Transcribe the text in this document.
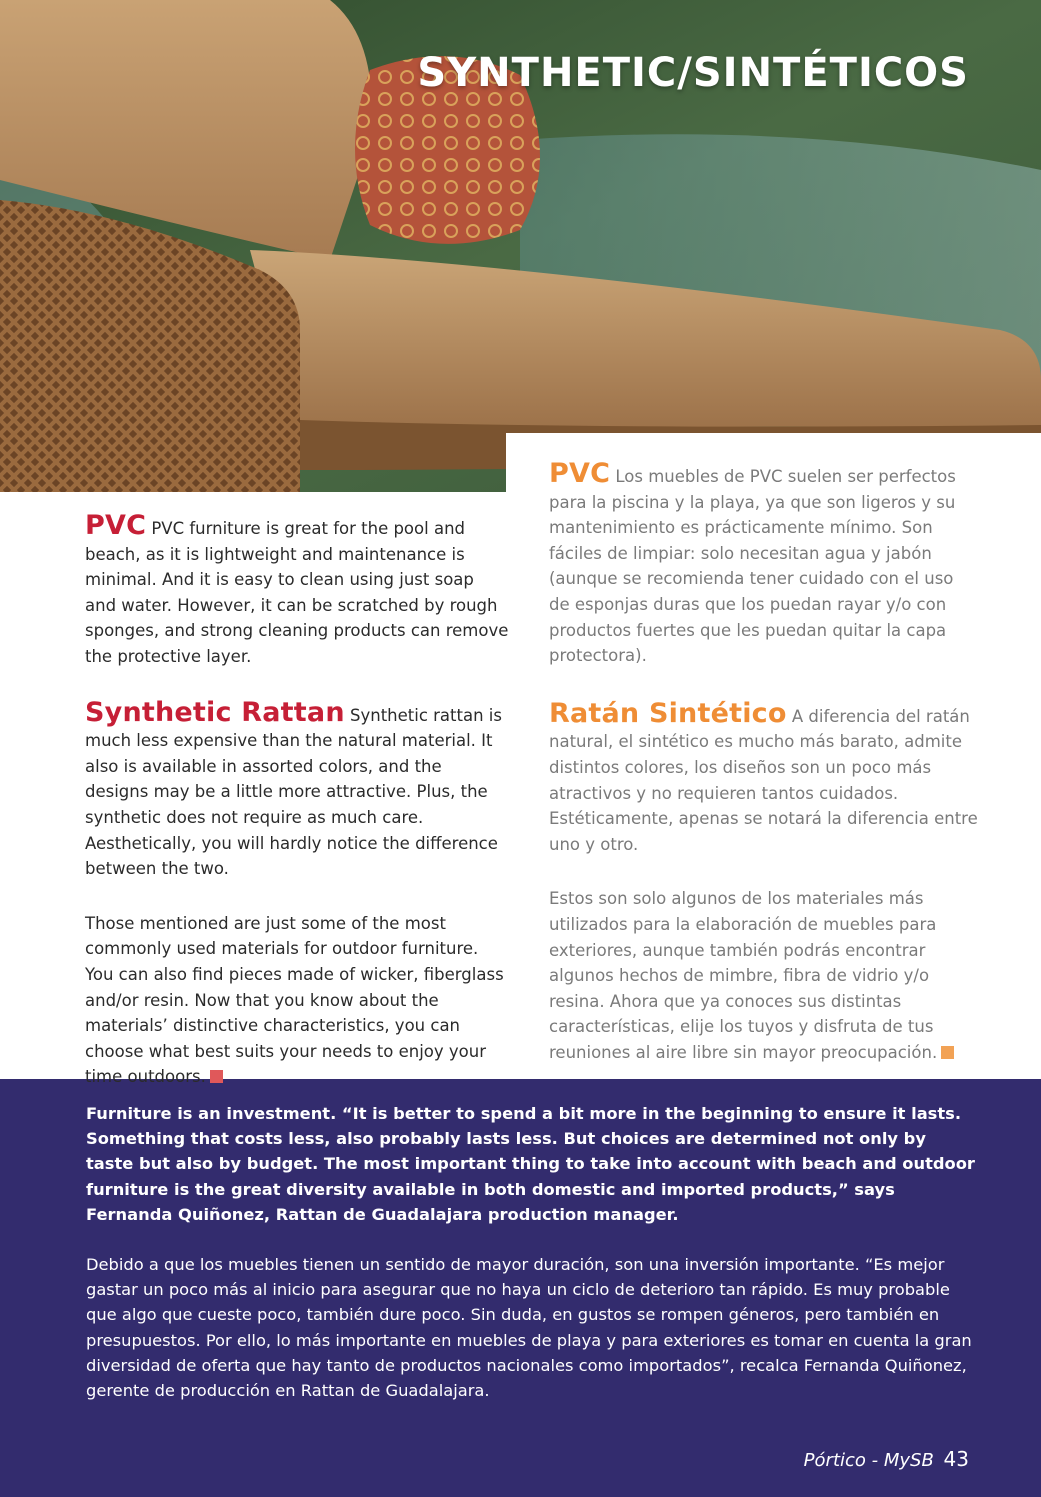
SYNTHETIC/SINTÉTICOS

PVC PVC furniture is great for the pool and beach, as it is lightweight and maintenance is minimal. And it is easy to clean using just soap and water. However, it can be scratched by rough sponges, and strong cleaning products can remove the protective layer.

Synthetic Rattan Synthetic rattan is much less expensive than the natural material. It also is available in assorted colors, and the designs may be a little more attractive. Plus, the synthetic does not require as much care. Aesthetically, you will hardly notice the difference between the two.

Those mentioned are just some of the most commonly used materials for outdoor furniture. You can also find pieces made of wicker, fiberglass and/or resin. Now that you know about the materials’ distinctive characteristics, you can choose what best suits your needs to enjoy your time outdoors.

PVC Los muebles de PVC suelen ser perfectos para la piscina y la playa, ya que son ligeros y su mantenimiento es prácticamente mínimo. Son fáciles de limpiar: solo necesitan agua y jabón (aunque se recomienda tener cuidado con el uso de esponjas duras que los puedan rayar y/o con productos fuertes que les puedan quitar la capa protectora).

Ratán Sintético A diferencia del ratán natural, el sintético es mucho más barato, admite distintos colores, los diseños son un poco más atractivos y no requieren tantos cuidados. Estéticamente, apenas se notará la diferencia entre uno y otro.

Estos son solo algunos de los materiales más utilizados para la elaboración de muebles para exteriores, aunque también podrás encontrar algunos hechos de mimbre, fibra de vidrio y/o resina. Ahora que ya conoces sus distintas características, elije los tuyos y disfruta de tus reuniones al aire libre sin mayor preocupación.

Furniture is an investment. “It is better to spend a bit more in the beginning to ensure it lasts. Something that costs less, also probably lasts less. But choices are determined not only by taste but also by budget. The most important thing to take into account with beach and outdoor furniture is the great diversity available in both domestic and imported products,” says Fernanda Quiñonez, Rattan de Guadalajara production manager.

Debido a que los muebles tienen un sentido de mayor duración, son una inversión importante. “Es mejor gastar un poco más al inicio para asegurar que no haya un ciclo de deterioro tan rápido. Es muy probable que algo que cueste poco, también dure poco. Sin duda, en gustos se rompen géneros, pero también en presupuestos. Por ello, lo más importante en muebles de playa y para exteriores es tomar en cuenta la gran diversidad de oferta que hay tanto de productos nacionales como importados”, recalca Fernanda Quiñonez, gerente de producción en Rattan de Guadalajara.

Pórtico - MySB 43
